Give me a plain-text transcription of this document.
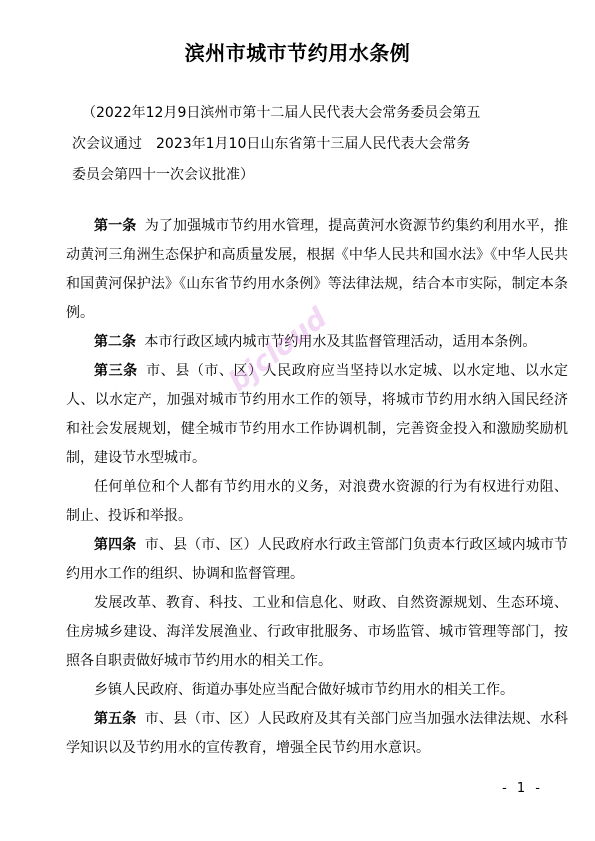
滨州市城市节约用水条例
（2022年12月9日滨州市第十二届人民代表大会常务委员会第五
次会议通过　2023年1月10日山东省第十三届人民代表大会常务
委员会第四十一次会议批准）

第一条 为了加强城市节约用水管理，提高黄河水资源节约集约利用水平，推动黄河三角洲生态保护和高质量发展，根据《中华人民共和国水法》《中华人民共和国黄河保护法》《山东省节约用水条例》等法律法规，结合本市实际，制定本条例。

第二条 本市行政区域内城市节约用水及其监督管理活动，适用本条例。

第三条 市、县（市、区）人民政府应当坚持以水定城、以水定地、以水定人、以水定产，加强对城市节约用水工作的领导，将城市节约用水纳入国民经济和社会发展规划，健全城市节约用水工作协调机制，完善资金投入和激励奖励机制，建设节水型城市。

任何单位和个人都有节约用水的义务，对浪费水资源的行为有权进行劝阻、制止、投诉和举报。

第四条 市、县（市、区）人民政府水行政主管部门负责本行政区域内城市节约用水工作的组织、协调和监督管理。

发展改革、教育、科技、工业和信息化、财政、自然资源规划、生态环境、住房城乡建设、海洋发展渔业、行政审批服务、市场监管、城市管理等部门，按照各自职责做好城市节约用水的相关工作。

乡镇人民政府、街道办事处应当配合做好城市节约用水的相关工作。

第五条 市、县（市、区）人民政府及其有关部门应当加强水法律法规、水科学知识以及节约用水的宣传教育，增强全民节约用水意识。

bjcloud
- 1 -
